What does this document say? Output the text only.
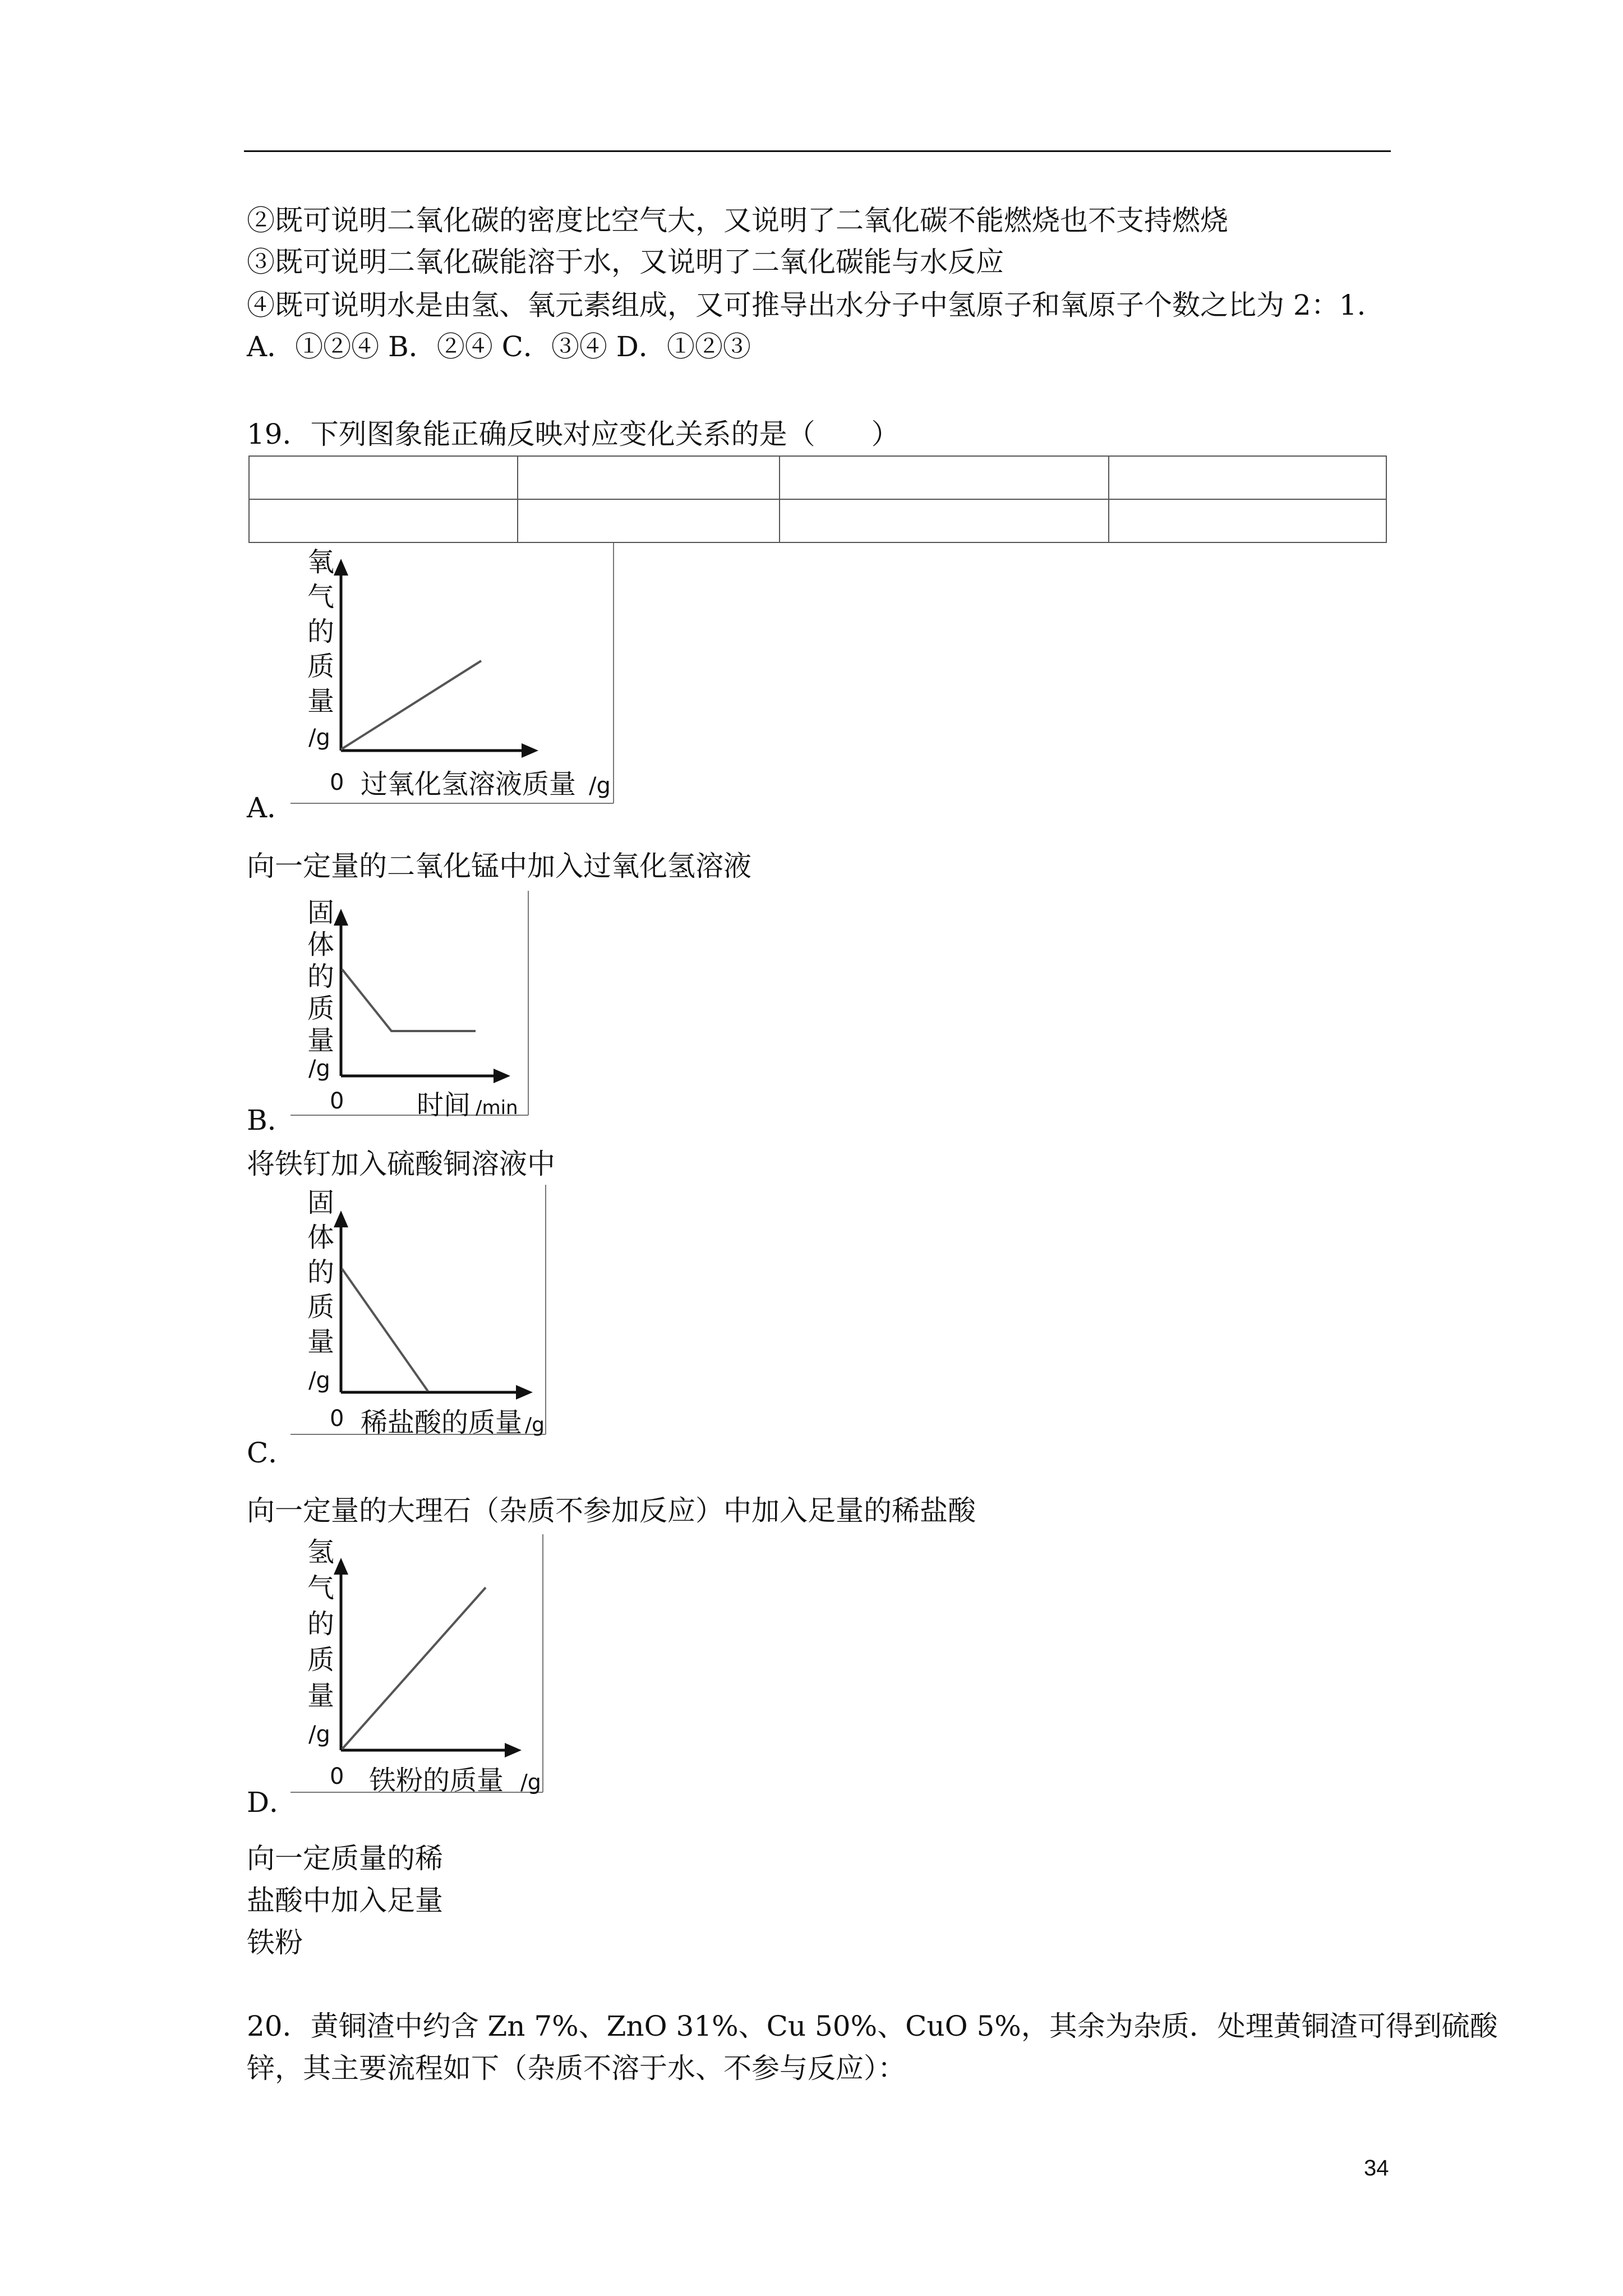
②既可说明二氧化碳的密度比空气大，又说明了二氧化碳不能燃烧也不支持燃烧
③既可说明二氧化碳能溶于水，又说明了二氧化碳能与水反应
④既可说明水是由氢、氧元素组成，又可推导出水分子中氢原子和氧原子个数之比为 2：1.
A．①②④ B．②④ C．③④ D．①②③
19．下列图象能正确反映对应变化关系的是（　　）

氧
气
的
质
量
/g
0 过氧化氢溶液质量 /g
A．
向一定量的二氧化锰中加入过氧化氢溶液
固
体
的
质
量
/g
0	时间 /min
B．
将铁钉加入硫酸铜溶液中
固
体
的
质
量
/g
0 稀盐酸的质量 /g
C．
向一定量的大理石（杂质不参加反应）中加入足量的稀盐酸
氢
气
的
质
量
/g
0 铁粉的质量 /g
D．
向一定质量的稀
盐酸中加入足量
铁粉
20．黄铜渣中约含 Zn 7%、ZnO 31%、Cu 50%、CuO 5%，其余为杂质．处理黄铜渣可得到硫酸
锌，其主要流程如下（杂质不溶于水、不参与反应）：
34
